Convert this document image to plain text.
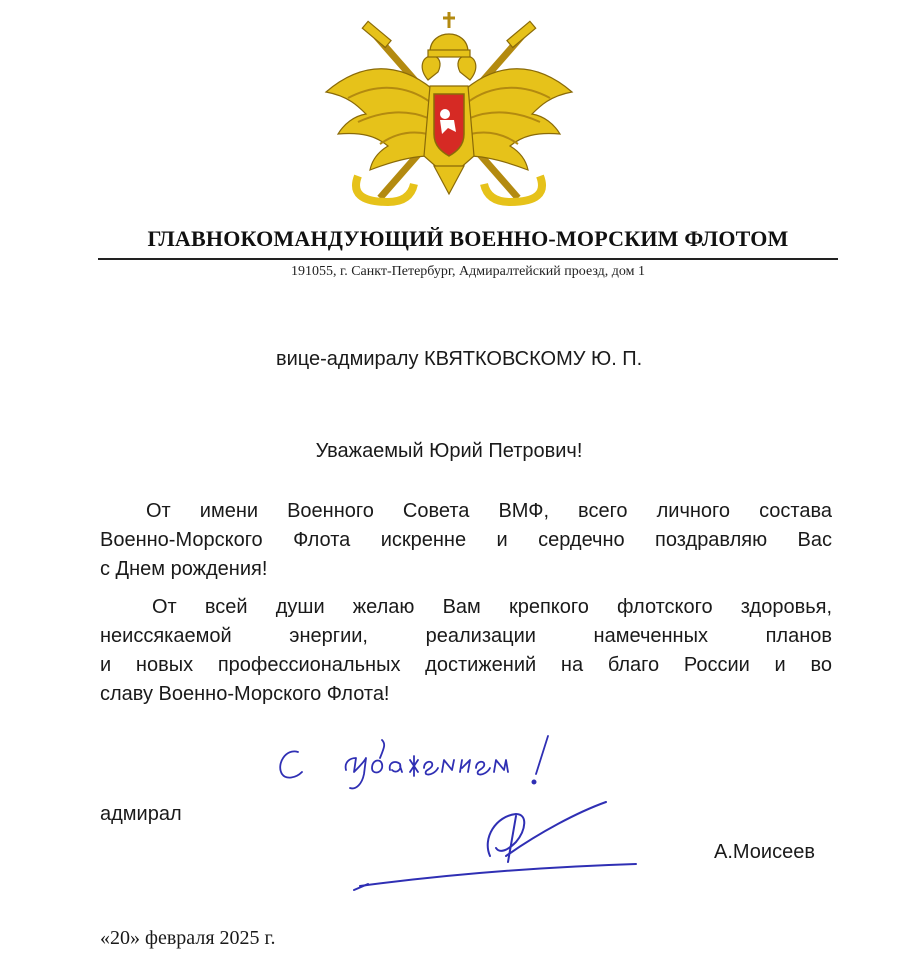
ГЛАВНОКОМАНДУЮЩИЙ ВОЕННО-МОРСКИМ ФЛОТОМ
191055, г. Санкт-Петербург, Адмиралтейский проезд, дом 1
вице-адмиралу КВЯТКОВСКОМУ Ю. П.
Уважаемый Юрий Петрович!
От имени Военного Совета ВМФ, всего личного состава
Военно-Морского Флота искренне и сердечно поздравляю Вас
с Днем рождения!
От всей души желаю Вам крепкого флотского здоровья,
неиссякаемой энергии, реализации намеченных планов
и новых профессиональных достижений на благо России и во
славу Военно-Морского Флота!
адмирал
А.Моисеев
«20» февраля 2025 г.
